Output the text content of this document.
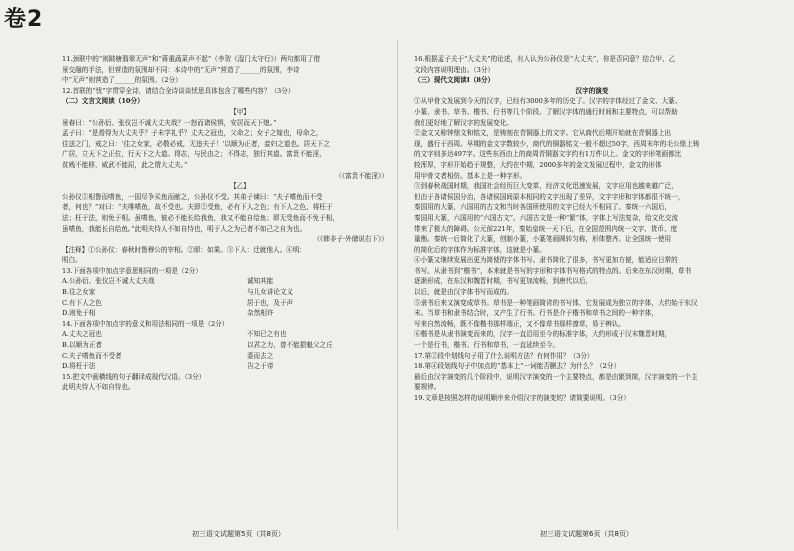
卷2

11.颈联中的“则陂塘翡翠无声”和“蒋重蔬菜声不起”（李贺《湿门太守行》）两句都用了借

景交融的手法，但营造的氛围却不同：本诗中的“无声”营造了______的氛围，李诗

中“无声”则营造了______的氛围。（2分）

12.首联的“忧”字贯穿全诗，请结合全诗谈谈忧思具体包含了哪些内容？（3分）

（二）文言文阅读（10分）

【甲】

景春曰：“公孙衍、张仪岂不诚大丈夫哉？一怒而诸侯惧，安居而天下熄。”

孟子曰：“是焉得为大丈夫乎？子未学礼乎？丈夫之冠也，父命之；女子之嫁也，母命之，

往送之门，戒之曰：‘往之女家，必敬必戒，无违夫子！’以顺为正者，妾妇之道也。居天下之

广居，立天下之正位，行天下之大道。得志，与民由之；不得志，独行其道。富贵不能淫，

贫贱不能移，威武不能屈，此之谓大丈夫。”

（《富贵不能淫》）

【乙】

公孙仪①相鲁而嗜鱼，一国尽争买鱼而献之，公孙仪不受。其弟子谏曰：“夫子嗜鱼而不受

者，何也？”对曰：“夫唯嗜鱼，故不受也。夫即②受鱼，必有下人之色；有下人之色，将枉于

法；枉于法，则免于相。虽嗜鱼，彼必不能长给我鱼，我又不能自给鱼；即无受鱼而不免于相，

虽嗜鱼，我能长自给鱼。”此明夫恃人不如自恃也，明于人之为己者不如己之自为也。

（《韩非子·外储说右下》）

【注释】①公孙仪：春秋时鲁穆公的宰相。②即：如果。③下人：迁就他人。④明：

明白。

13.下面各项中加点字意思相同的一项是（2分）

A.公孙衍、张仪岂不诚大丈夫哉　　　　　　　　　　　　　　诚知其能

B.往之女家　　　　　　　　　　　　　　　　　　　　　　　与儿女讲论文义

C.有下人之色　　　　　　　　　　　　　　　　　　　　　　居于也，及于声

D.则免于相　　　　　　　　　　　　　　　　　　　　　　　杂然相许

14.下面各项中加点字的意义和用法相同的一项是（2分）

A.丈夫之冠也　　　　　　　　　　　　　　　　　　　　　　不知已之有也

B.以顺为正者　　　　　　　　　　　　　　　　　　　　　　以君之力，曾不能损魁父之丘

C.夫子嗜鱼而不受者　　　　　　　　　　　　　　　　　　　委而去之

D.将枉于法　　　　　　　　　　　　　　　　　　　　　　　告之于帝

15.把文中画横线的句子翻译成现代汉语。（3分）

此明夫恃人不如自恃也。

16.根据孟子关于“大丈夫”的论述，有人认为公孙仪是“大丈夫”，你是否同意？结合甲、乙

文段内容说明理由。（3分）

（三）现代文阅读Ⅰ（8分）

汉字的演变

①从甲骨文发展到今天的汉字，已经有3000多年的历史了。汉字的字体经过了金文、大篆、

小篆、隶书、草书、楷书、行书等几个阶段。了解汉字体的通行时间和主要特点，可以帮助

我们更好地了解汉字的发展变化。

②金文又称钟鼎文和铭文，是铸刻在青铜器上的文字。它从商代后期开始就在青铜器上出

现，盛行于西周。早期的金文字数较少，商代的铜器铭文一般不超过50字，西周末年的毛公鼎上铸

的文字则多达497字。这些东西由上的商周青铜器文字约有1万件以上。金文的字形笔画都比

较浑厚，字形开始趋于规整，大约在中期，2000多年的金文发展过程中，金文的形体

用甲骨文者相仿。基本上是一种字形。

③到春秋战国时期，我国社会经历巨大变革，经济文化迅速发展，文字应用也越来越广泛，

但由于各诸侯国分治，各诸侯国间原本相同的文字出现了差异，文字字形和字体都很不统一，

秦国用的大篆，六国用的古文和当时各国所使用的文字已经大不相同了。秦统一六国后，

秦国用大篆，六国用的“六国古文”。六国古文是一种“繁”体，字体上写法复杂，给文化交流

带来了极大的障碍。公元前221年，秦始皇统一天下后，在全国范围内统一文字、货币、度

量衡。秦统一后简化了大篆，创制小篆，小篆笔画圆转匀称，形体整齐。让全国统一使用

的简化后的字体作为标准字体，这就是小篆。

④小篆又继续发展出更为简便的字体书写。隶书简化了很多，书写更加方便，能适应日常的

书写。从隶书到“楷书”，本来就是书写的字形和字体书写格式的特点的。后来在东汉时期，草书

逐渐形成，在东汉和魏晋时期，书写更加流畅，到唐代以后，

以后，就是由汉字体书写而成的。

⑤隶书后来又演变成草书。草书是一种笔画简省的书写体，它发展成为独立的字体，大约始于东汉

末。当草书和隶书结合时，又产生了行书。行书是介于楷书和草书之间的一种字体，

写来自然流畅，既不像楷书那样端正，又不像草书那样潦草，易于辨认。

⑥楷书是从隶书演变而来的，汉字一直沿用至今的标准字体，大约形成于汉末魏晋时期，

一个是行书，楷书、行书和草书，一直延续至今。

17.第②段中划线句子用了什么说明方法？有何作用？（3分）

18.第④段划线句子中加点的“基本上”一词能否删去？为什么？（2分）

最后由汉字演变的几个阶段中，说明汉字演变的一个主要特点，都是由繁到简，汉字演变的一个主

要规律。

19.文章是按照怎样的说明顺序来介绍汉字的演变的？请简要说明。（3分）

初三语文试题第5页（共8页）	初三语文试题第6页（共8页）
